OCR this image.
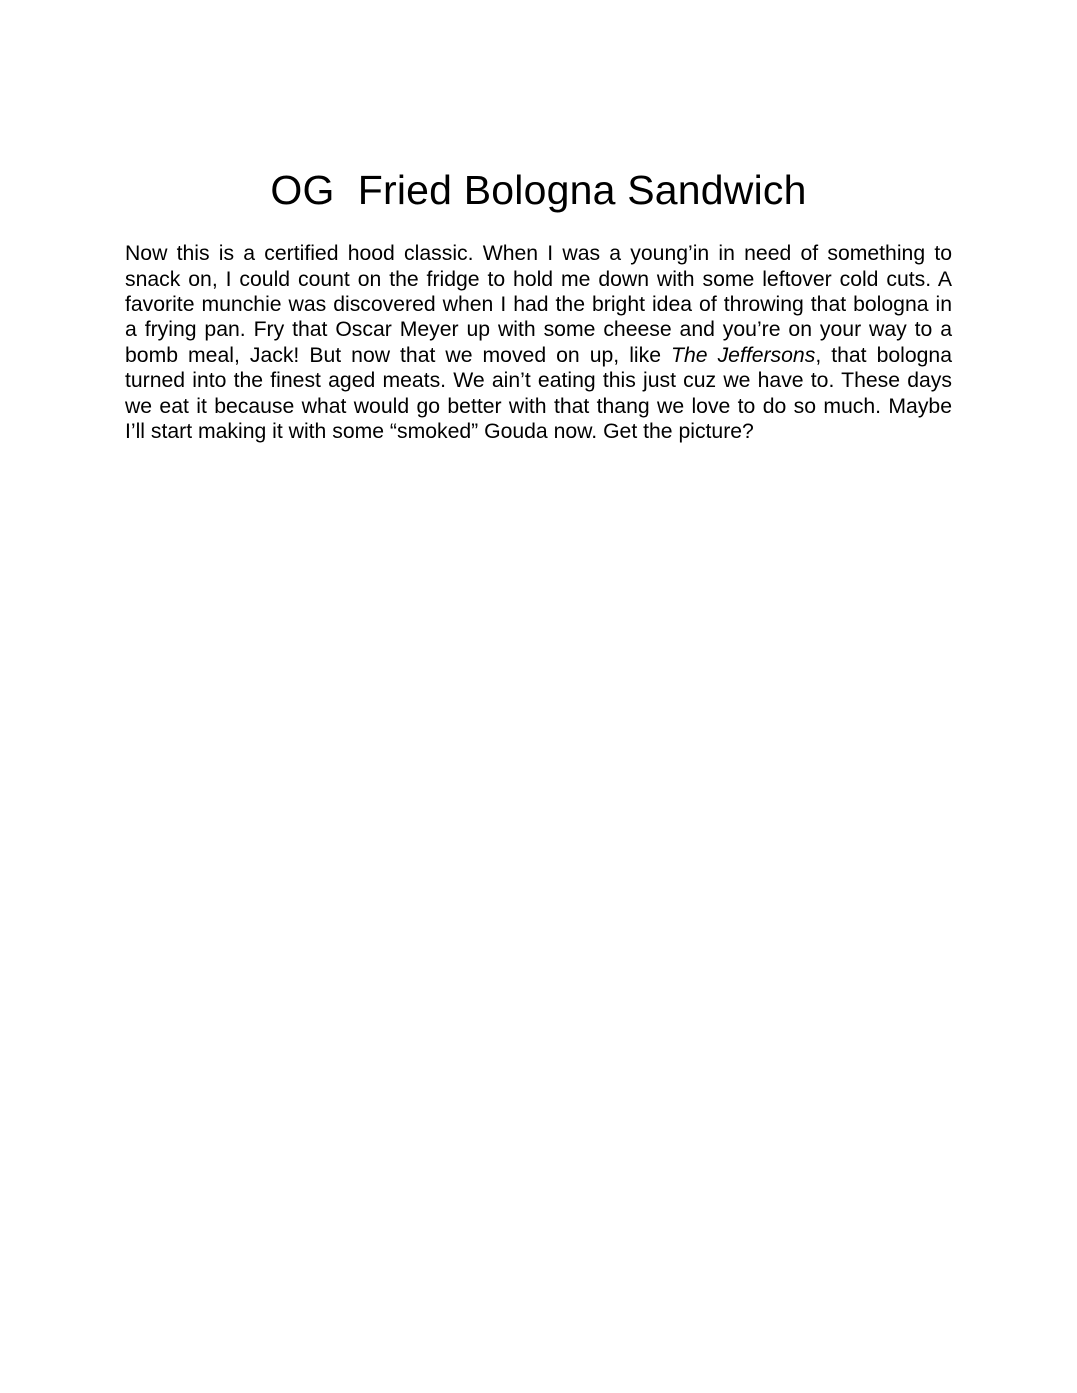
OG  Fried Bologna Sandwich

Now this is a certified hood classic. When I was a young’in in need of something to snack on, I could count on the fridge to hold me down with some leftover cold cuts. A favorite munchie was discovered when I had the bright idea of throwing that bologna in a frying pan. Fry that Oscar Meyer up with some cheese and you’re on your way to a bomb meal, Jack! But now that we moved on up, like The Jeffersons, that bologna turned into the finest aged meats. We ain’t eating this just cuz we have to. These days we eat it because what would go better with that thang we love to do so much. Maybe I’ll start making it with some “smoked” Gouda now. Get the picture?
